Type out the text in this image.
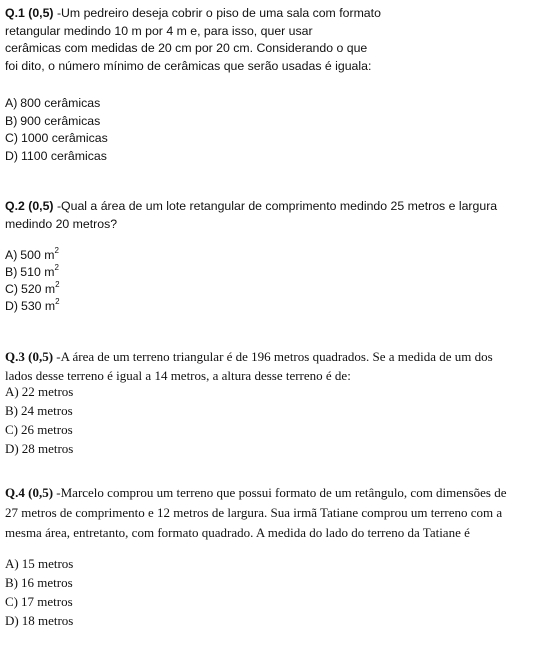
Q.1 (0,5) -Um pedreiro deseja cobrir o piso de uma sala com formato

retangular medindo 10 m por 4 m e, para isso, quer usar

cerâmicas com medidas de 20 cm por 20 cm. Considerando o que

foi dito, o número mínimo de cerâmicas que serão usadas é iguala:

A) 800 cerâmicas
B) 900 cerâmicas
C) 1000 cerâmicas
D) 1100 cerâmicas

Q.2 (0,5) -Qual a área de um lote retangular de comprimento medindo 25 metros e largura

medindo 20 metros?

A) 500 $m^2$
B) 510 $m^2$
C) 520 $m^2$
D) 530 $m^2$

Q.3 (0,5) -A área de um terreno triangular é de 196 metros quadrados. Se a medida de um dos

lados desse terreno é igual a 14 metros, a altura desse terreno é de:

A) 22 metros
B) 24 metros
C) 26 metros
D) 28 metros

Q.4 (0,5) -Marcelo comprou um terreno que possui formato de um retângulo, com dimensões de

27 metros de comprimento e 12 metros de largura. Sua irmã Tatiane comprou um terreno com a

mesma área, entretanto, com formato quadrado. A medida do lado do terreno da Tatiane é

A) 15 metros
B) 16 metros
C) 17 metros
D) 18 metros
